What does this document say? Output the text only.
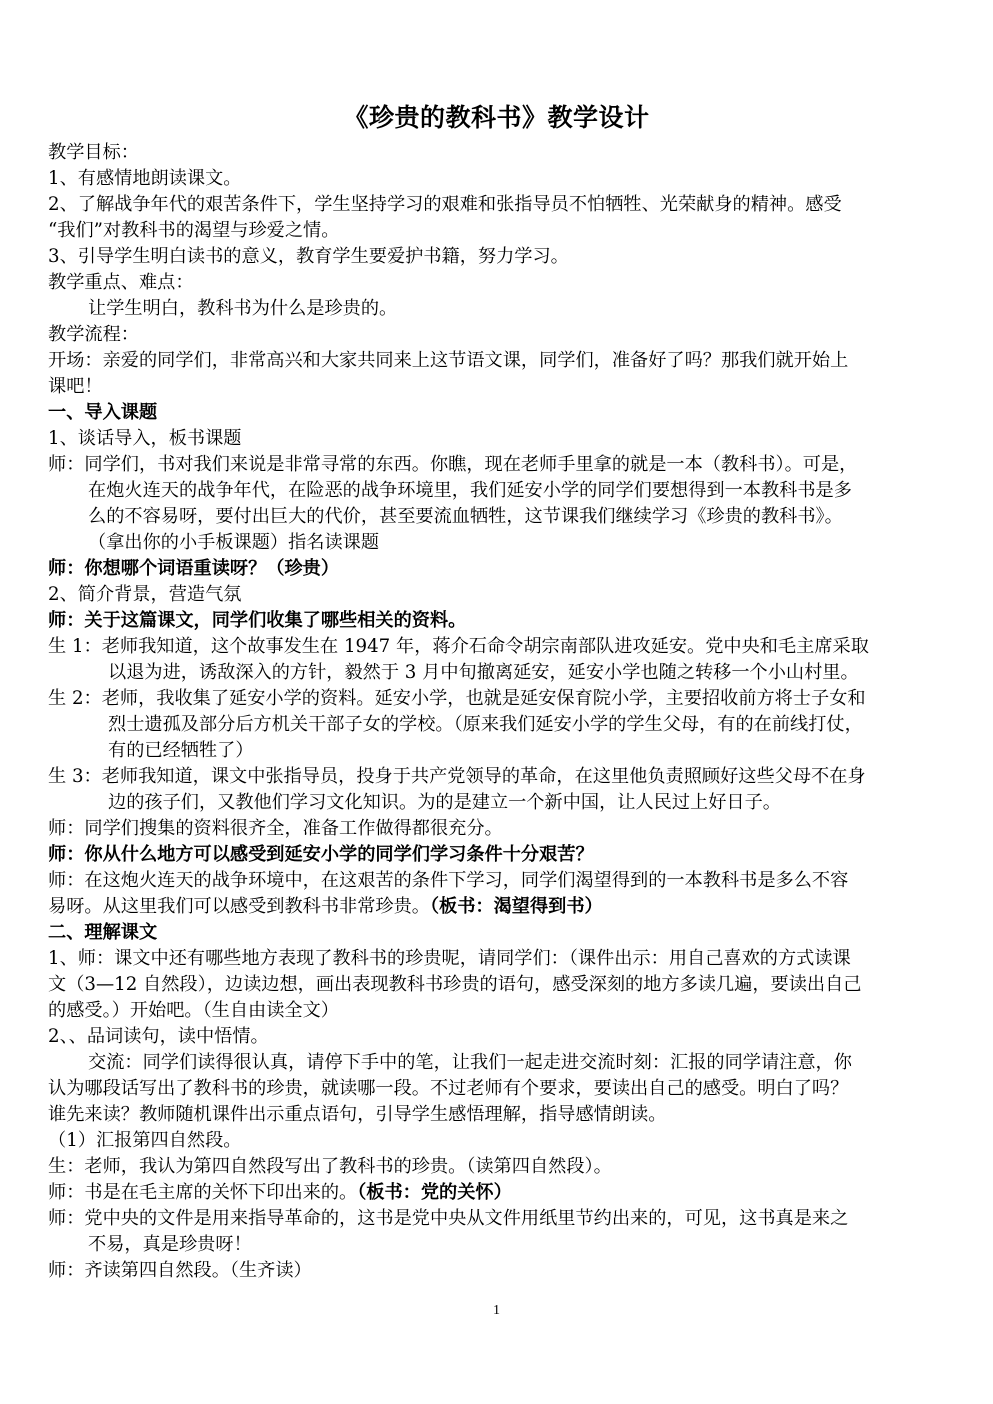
《珍贵的教科书》教学设计
教学目标：
1、有感情地朗读课文。
2、了解战争年代的艰苦条件下，学生坚持学习的艰难和张指导员不怕牺牲、光荣献身的精神。感受
“我们”对教科书的渴望与珍爱之情。
3、引导学生明白读书的意义，教育学生要爱护书籍，努力学习。
教学重点、难点：
让学生明白，教科书为什么是珍贵的。
教学流程：
开场：亲爱的同学们，非常高兴和大家共同来上这节语文课，同学们，准备好了吗？那我们就开始上
课吧！
一、导入课题
1、谈话导入，板书课题
师：同学们，书对我们来说是非常寻常的东西。你瞧，现在老师手里拿的就是一本（教科书）。可是，
在炮火连天的战争年代，在险恶的战争环境里，我们延安小学的同学们要想得到一本教科书是多
么的不容易呀，要付出巨大的代价，甚至要流血牺牲，这节课我们继续学习《珍贵的教科书》。
（拿出你的小手板课题）指名读课题
师：你想哪个词语重读呀？（珍贵）
2、简介背景，营造气氛
师：关于这篇课文，同学们收集了哪些相关的资料。
生 1：老师我知道，这个故事发生在 1947 年，蒋介石命令胡宗南部队进攻延安。党中央和毛主席采取
以退为进，诱敌深入的方针，毅然于 3 月中旬撤离延安，延安小学也随之转移一个小山村里。
生 2：老师，我收集了延安小学的资料。延安小学，也就是延安保育院小学，主要招收前方将士子女和
烈士遗孤及部分后方机关干部子女的学校。（原来我们延安小学的学生父母，有的在前线打仗，
有的已经牺牲了）
生 3：老师我知道，课文中张指导员，投身于共产党领导的革命，在这里他负责照顾好这些父母不在身
边的孩子们，又教他们学习文化知识。为的是建立一个新中国，让人民过上好日子。
师：同学们搜集的资料很齐全，准备工作做得都很充分。
师：你从什么地方可以感受到延安小学的同学们学习条件十分艰苦？
师：在这炮火连天的战争环境中，在这艰苦的条件下学习，同学们渴望得到的一本教科书是多么不容
易呀。从这里我们可以感受到教科书非常珍贵。（板书：渴望得到书）
二、理解课文
1、师：课文中还有哪些地方表现了教科书的珍贵呢，请同学们：（课件出示：用自己喜欢的方式读课
文（3—12 自然段），边读边想，画出表现教科书珍贵的语句，感受深刻的地方多读几遍，要读出自己
的感受。）开始吧。（生自由读全文）
2、、品词读句，读中悟情。
交流：同学们读得很认真，请停下手中的笔，让我们一起走进交流时刻：汇报的同学请注意，你
认为哪段话写出了教科书的珍贵，就读哪一段。不过老师有个要求，要读出自己的感受。明白了吗？
谁先来读？教师随机课件出示重点语句，引导学生感悟理解，指导感情朗读。
（1）汇报第四自然段。
生：老师，我认为第四自然段写出了教科书的珍贵。（读第四自然段）。
师：书是在毛主席的关怀下印出来的。（板书：党的关怀）
师：党中央的文件是用来指导革命的，这书是党中央从文件用纸里节约出来的，可见，这书真是来之
不易，真是珍贵呀！
师：齐读第四自然段。（生齐读）
1
